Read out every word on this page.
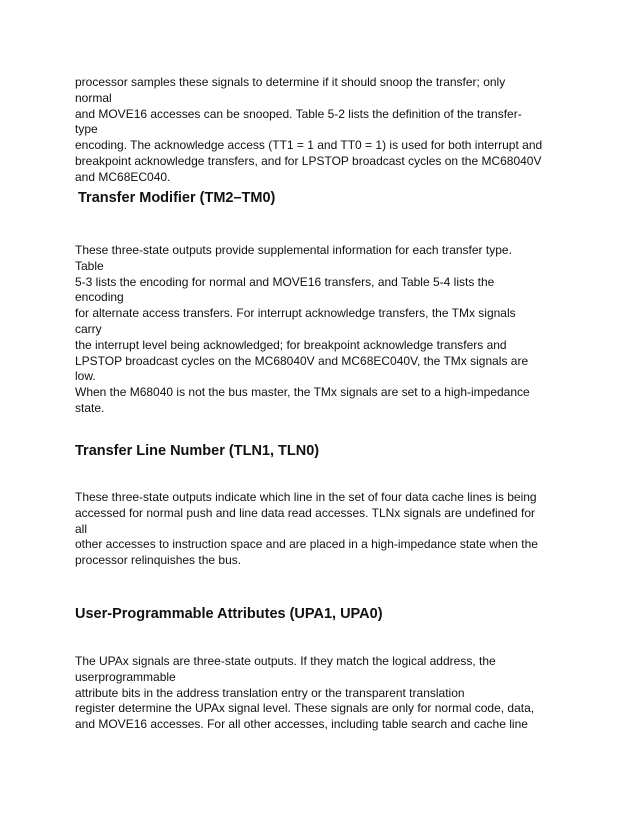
processor samples these signals to determine if it should snoop the transfer; only
normal
and MOVE16 accesses can be snooped. Table 5-2 lists the definition of the transfer-
type
encoding. The acknowledge access (TT1 = 1 and TT0 = 1) is used for both interrupt and
breakpoint acknowledge transfers, and for LPSTOP broadcast cycles on the MC68040V
and MC68EC040.
Transfer Modifier (TM2–TM0)
These three-state outputs provide supplemental information for each transfer type.
Table
5-3 lists the encoding for normal and MOVE16 transfers, and Table 5-4 lists the
encoding
for alternate access transfers. For interrupt acknowledge transfers, the TMx signals
carry
the interrupt level being acknowledged; for breakpoint acknowledge transfers and
LPSTOP broadcast cycles on the MC68040V and MC68EC040V, the TMx signals are
low.
When the M68040 is not the bus master, the TMx signals are set to a high-impedance
state.
Transfer Line Number (TLN1, TLN0)
These three-state outputs indicate which line in the set of four data cache lines is being
accessed for normal push and line data read accesses. TLNx signals are undefined for
all
other accesses to instruction space and are placed in a high-impedance state when the
processor relinquishes the bus.
User-Programmable Attributes (UPA1, UPA0)
The UPAx signals are three-state outputs. If they match the logical address, the
userprogrammable
attribute bits in the address translation entry or the transparent translation
register determine the UPAx signal level. These signals are only for normal code, data,
and MOVE16 accesses. For all other accesses, including table search and cache line
